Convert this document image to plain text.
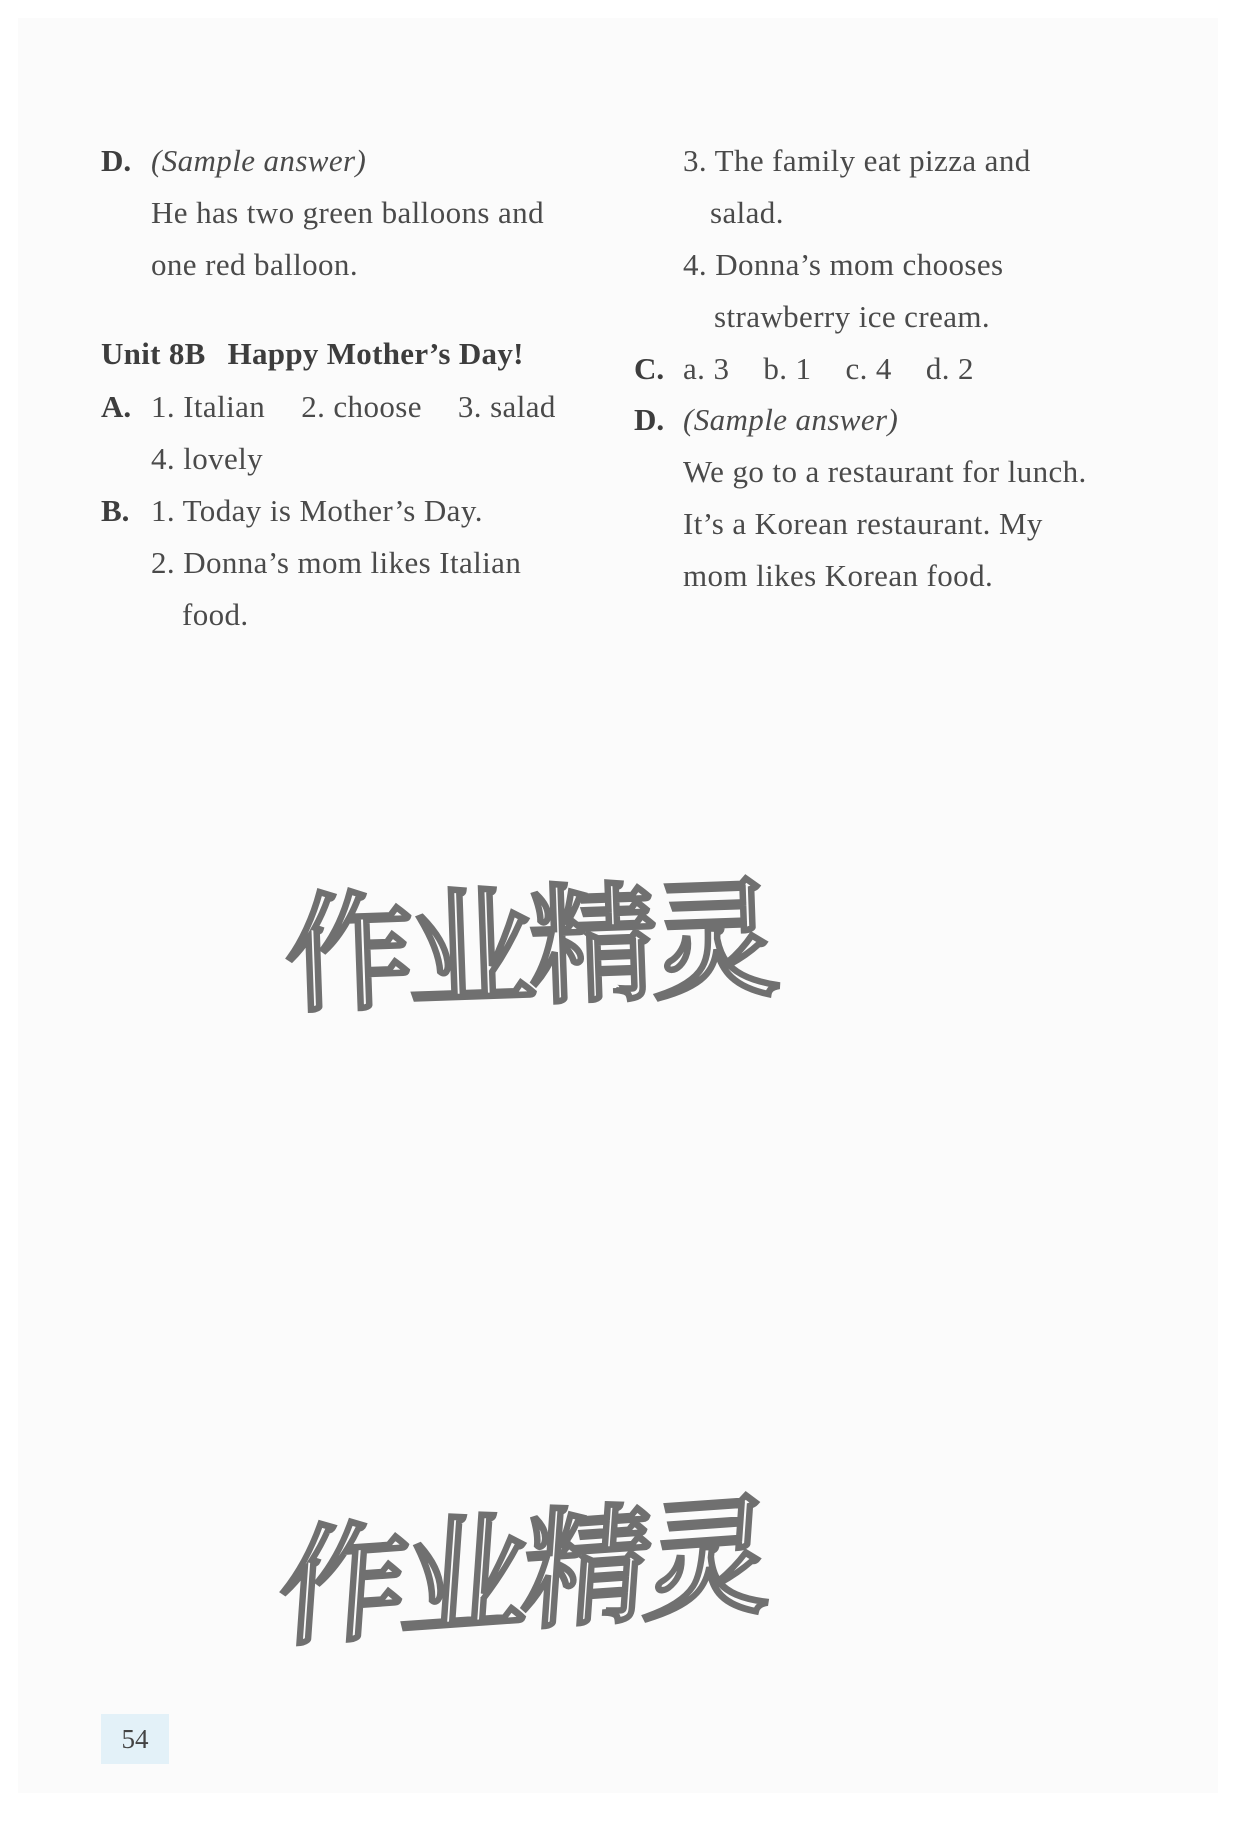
D. (Sample answer)
He has two green balloons and
one red balloon.
Unit 8B Happy Mother’s Day!
A. 1. Italian 2. choose 3. salad
4. lovely
B. 1. Today is Mother’s Day.
2. Donna’s mom likes Italian
food.
3. The family eat pizza and
salad.
4. Donna’s mom chooses
strawberry ice cream.
C. a. 3 b. 1 c. 4 d. 2
D. (Sample answer)
We go to a restaurant for lunch.
It’s a Korean restaurant. My
mom likes Korean food.
作业精灵
作业精灵
54
